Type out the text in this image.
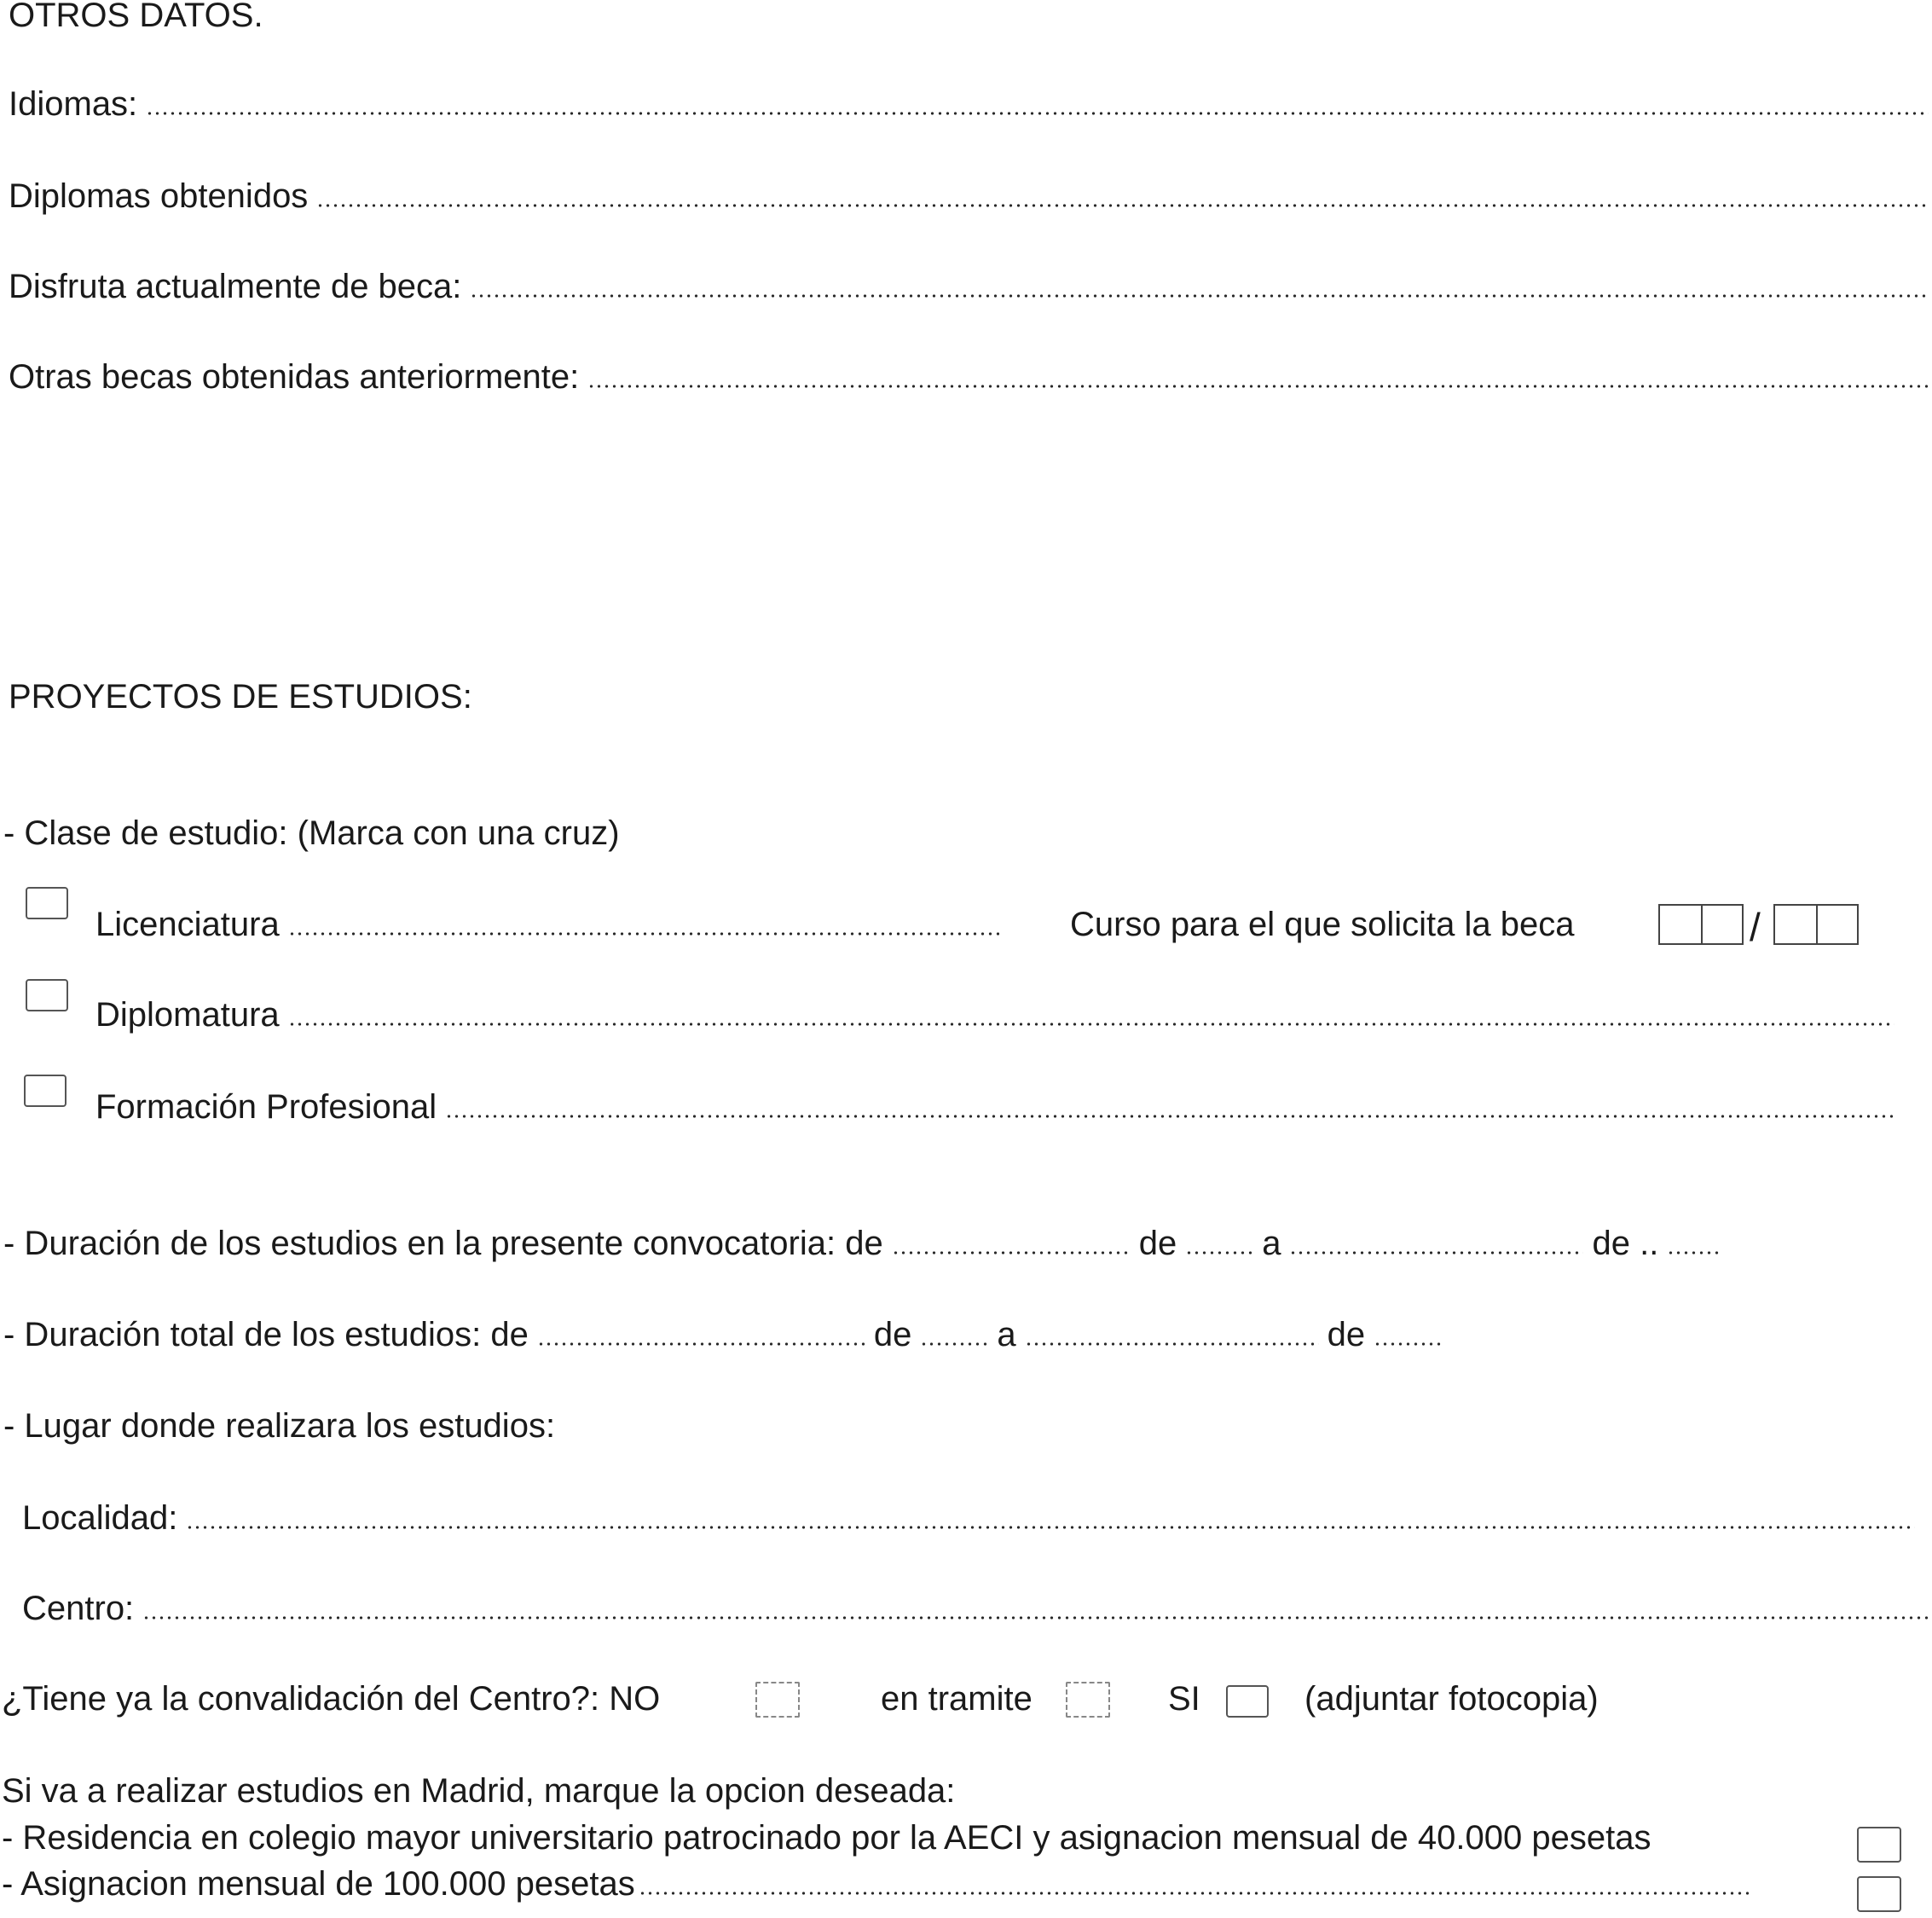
OTROS DATOS.
Idiomas:
Diplomas obtenidos
Disfruta actualmente de beca:
Otras becas obtenidas anteriormente:
PROYECTOS DE ESTUDIOS:
- Clase de estudio: (Marca con una cruz)
Licenciatura	Curso para el que solicita la beca	/
Diplomatura
Formación Profesional
- Duración de los estudios en la presente convocatoria: de	de	a	de ..
- Duración total de los estudios: de	de	a	de
- Lugar donde realizara los estudios:
Localidad:
Centro:
¿Tiene ya la convalidación del Centro?: NO	en tramite	SI	(adjuntar fotocopia)
Si va a realizar estudios en Madrid, marque la opcion deseada:
- Residencia en colegio mayor universitario patrocinado por la AECI y asignacion mensual de 40.000 pesetas
- Asignacion mensual de 100.000 pesetas
